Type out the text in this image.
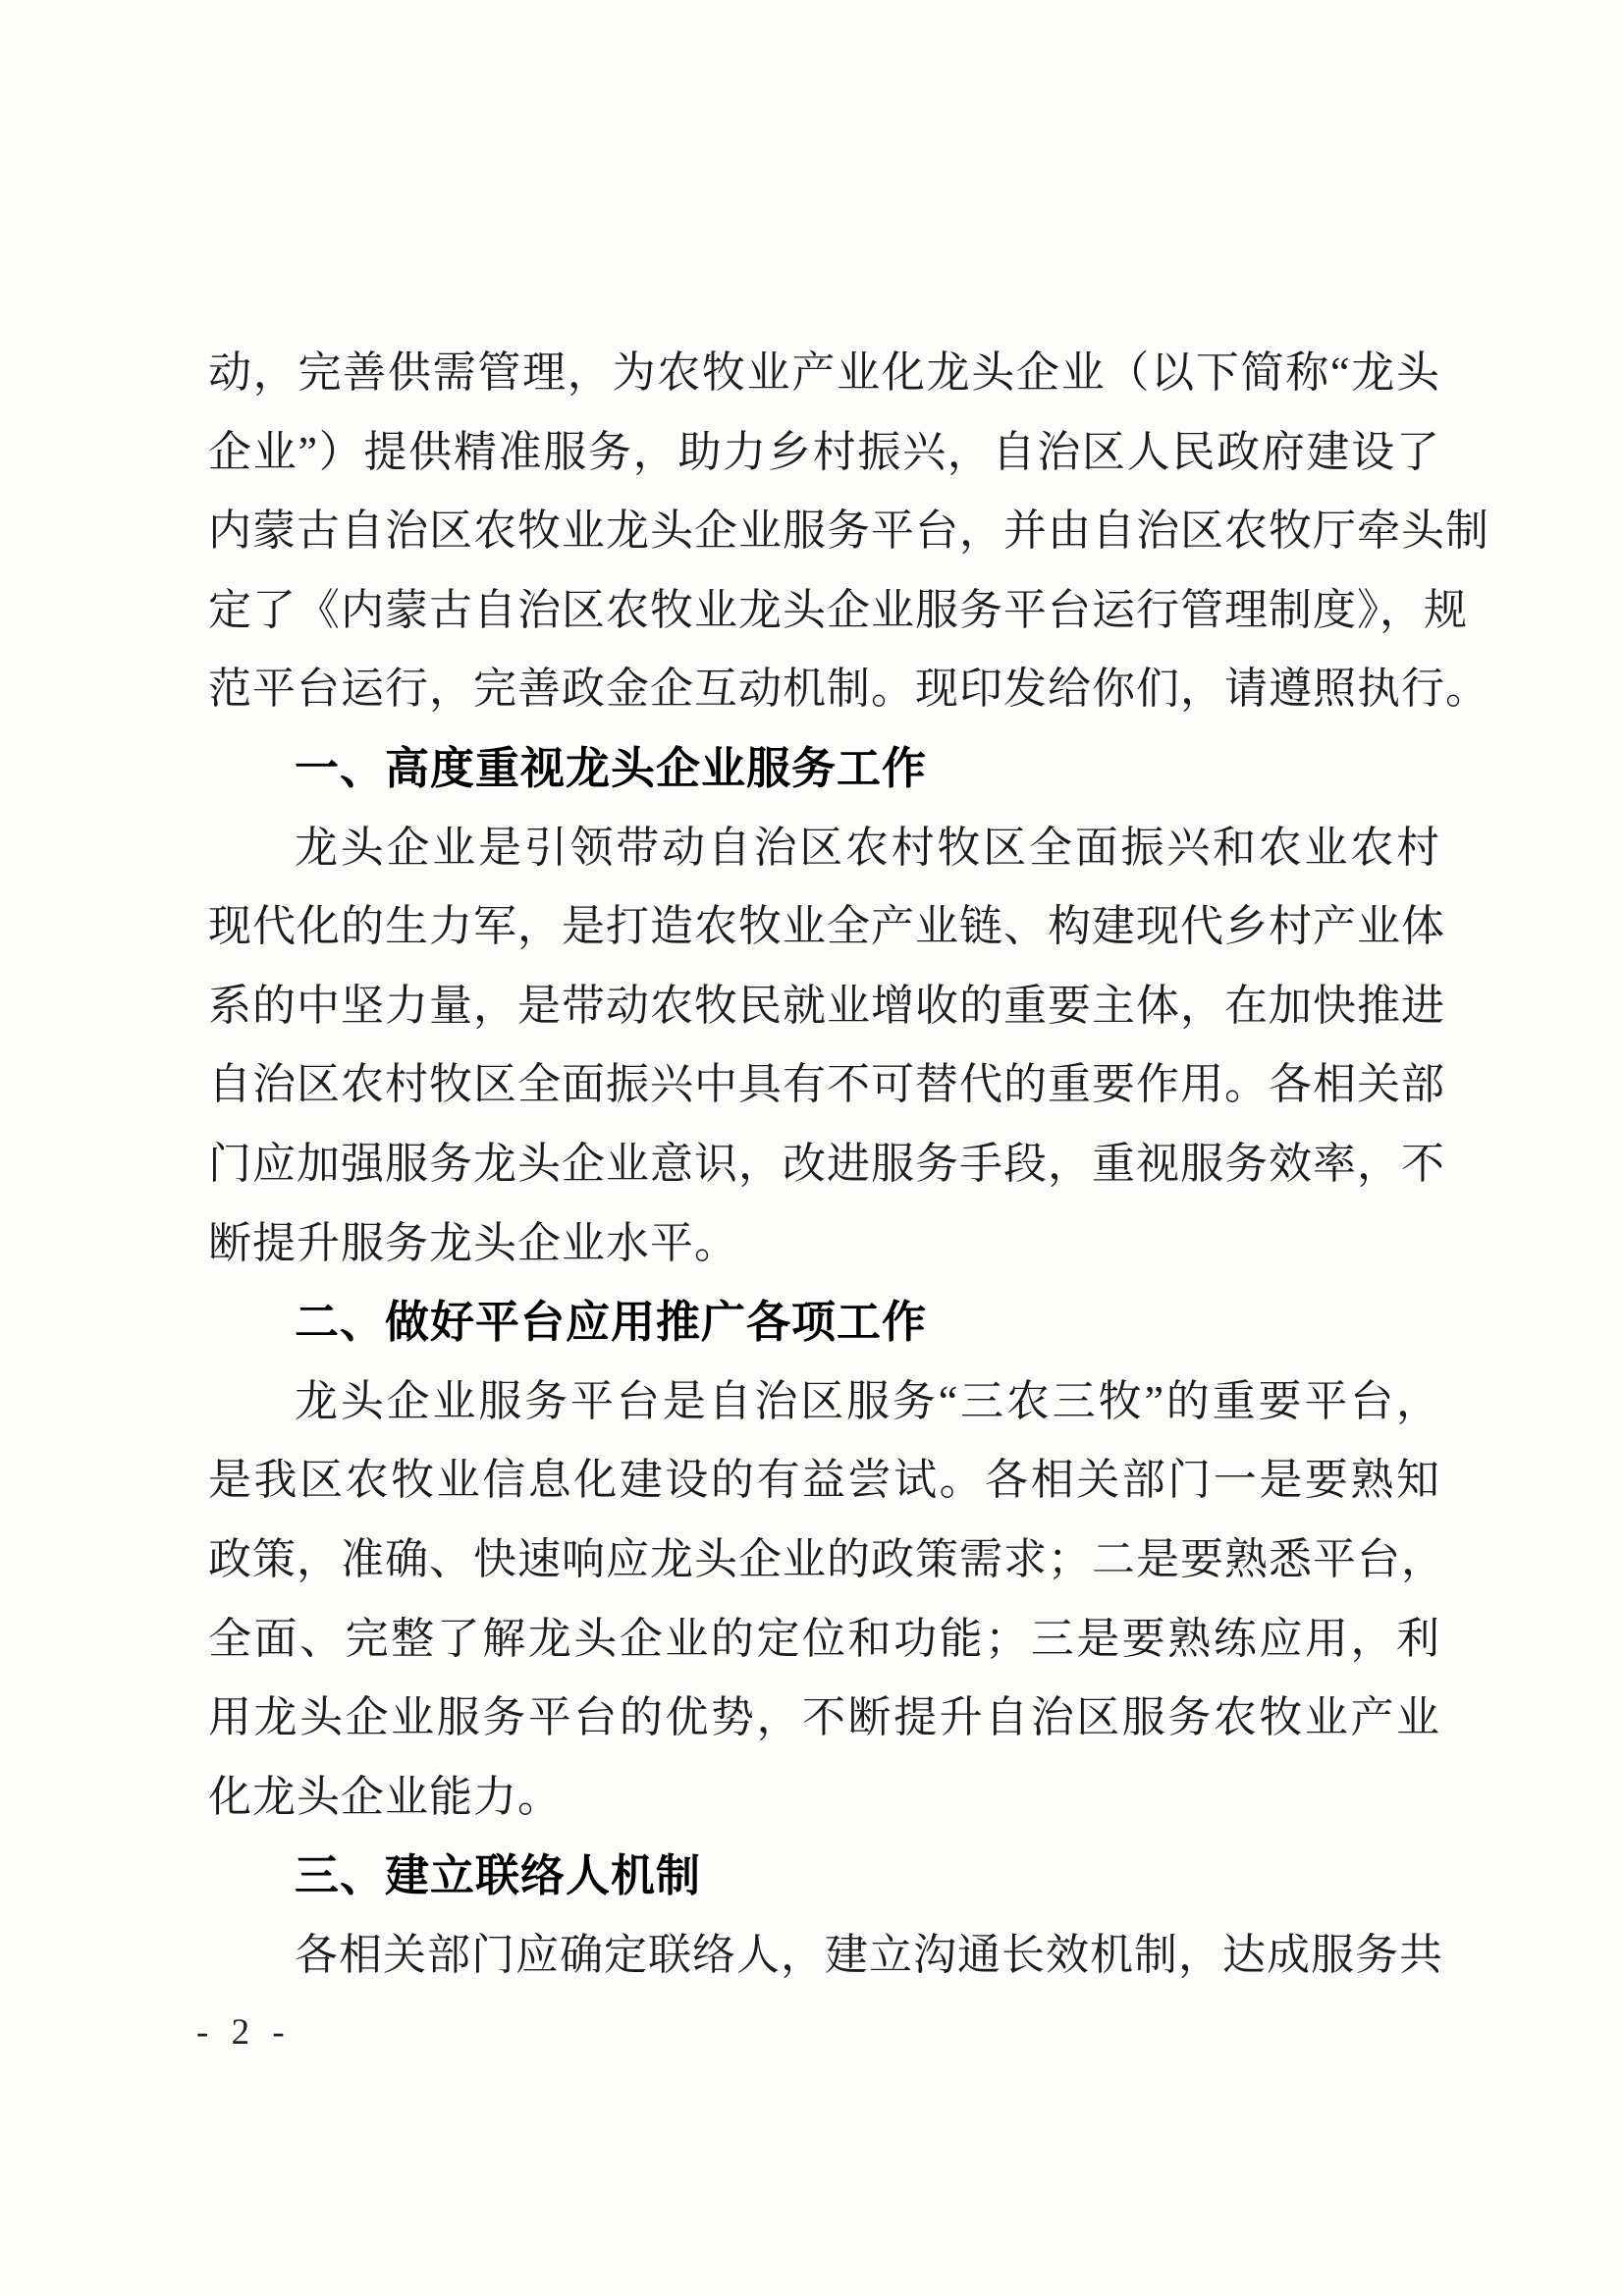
动，完善供需管理，为农牧业产业化龙头企业（以下简称“龙头
企业”）提供精准服务，助力乡村振兴，自治区人民政府建设了
内蒙古自治区农牧业龙头企业服务平台，并由自治区农牧厅牵头制
定了《内蒙古自治区农牧业龙头企业服务平台运行管理制度》，规
范平台运行，完善政金企互动机制。现印发给你们，请遵照执行。
一、高度重视龙头企业服务工作
龙头企业是引领带动自治区农村牧区全面振兴和农业农村
现代化的生力军，是打造农牧业全产业链、构建现代乡村产业体
系的中坚力量，是带动农牧民就业增收的重要主体，在加快推进
自治区农村牧区全面振兴中具有不可替代的重要作用。各相关部
门应加强服务龙头企业意识，改进服务手段，重视服务效率，不
断提升服务龙头企业水平。
二、做好平台应用推广各项工作
龙头企业服务平台是自治区服务“三农三牧”的重要平台，
是我区农牧业信息化建设的有益尝试。各相关部门一是要熟知
政策，准确、快速响应龙头企业的政策需求；二是要熟悉平台，
全面、完整了解龙头企业的定位和功能；三是要熟练应用，利
用龙头企业服务平台的优势，不断提升自治区服务农牧业产业
化龙头企业能力。
三、建立联络人机制
各相关部门应确定联络人，建立沟通长效机制，达成服务共
- 2 -
